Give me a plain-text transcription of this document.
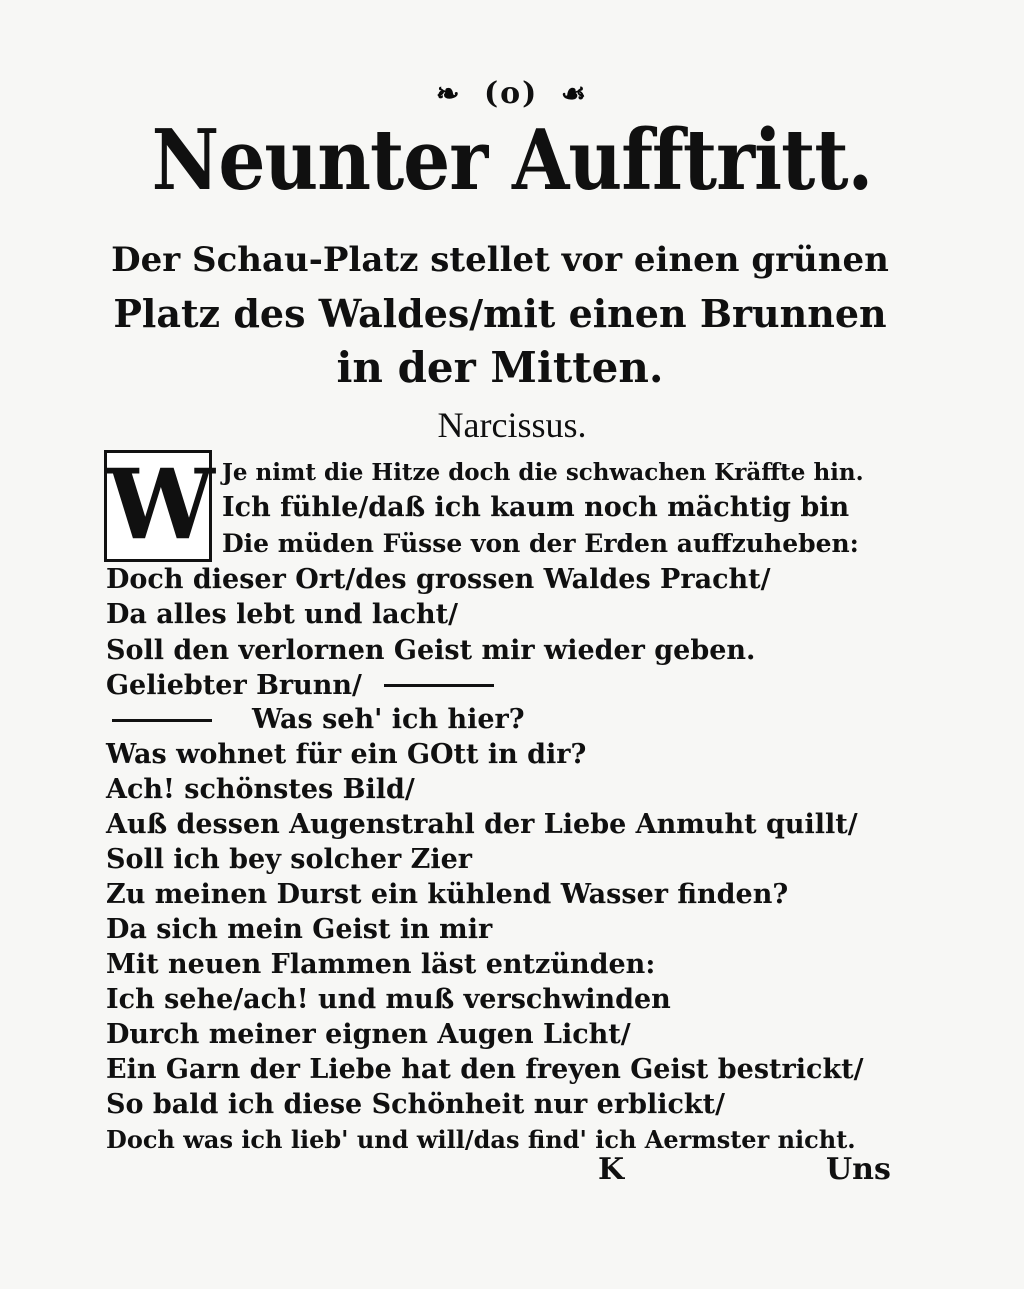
❧ (o) ☙
Neunter Aufftritt.
Der Schau-Platz stellet vor einen grünen
Platz des Waldes/mit einen Brunnen
in der Mitten.
Narcissus.
W Je nimt die Hitze doch die schwachen Kräffte hin.
Ich fühle/daß ich kaum noch mächtig bin
Die müden Füsse von der Erden auffzuheben:
Doch dieser Ort/des grossen Waldes Pracht/
Da alles lebt und lacht/
Soll den verlornen Geist mir wieder geben.
Geliebter Brunn/
Was seh' ich hier?
Was wohnet für ein GOtt in dir?
Ach! schönstes Bild/
Auß dessen Augenstrahl der Liebe Anmuht quillt/
Soll ich bey solcher Zier
Zu meinen Durst ein kühlend Wasser finden?
Da sich mein Geist in mir
Mit neuen Flammen läst entzünden:
Ich sehe/ach! und muß verschwinden
Durch meiner eignen Augen Licht/
Ein Garn der Liebe hat den freyen Geist bestrickt/
So bald ich diese Schönheit nur erblickt/
Doch was ich lieb' und will/das find' ich Aermster nicht.
K	Uns
